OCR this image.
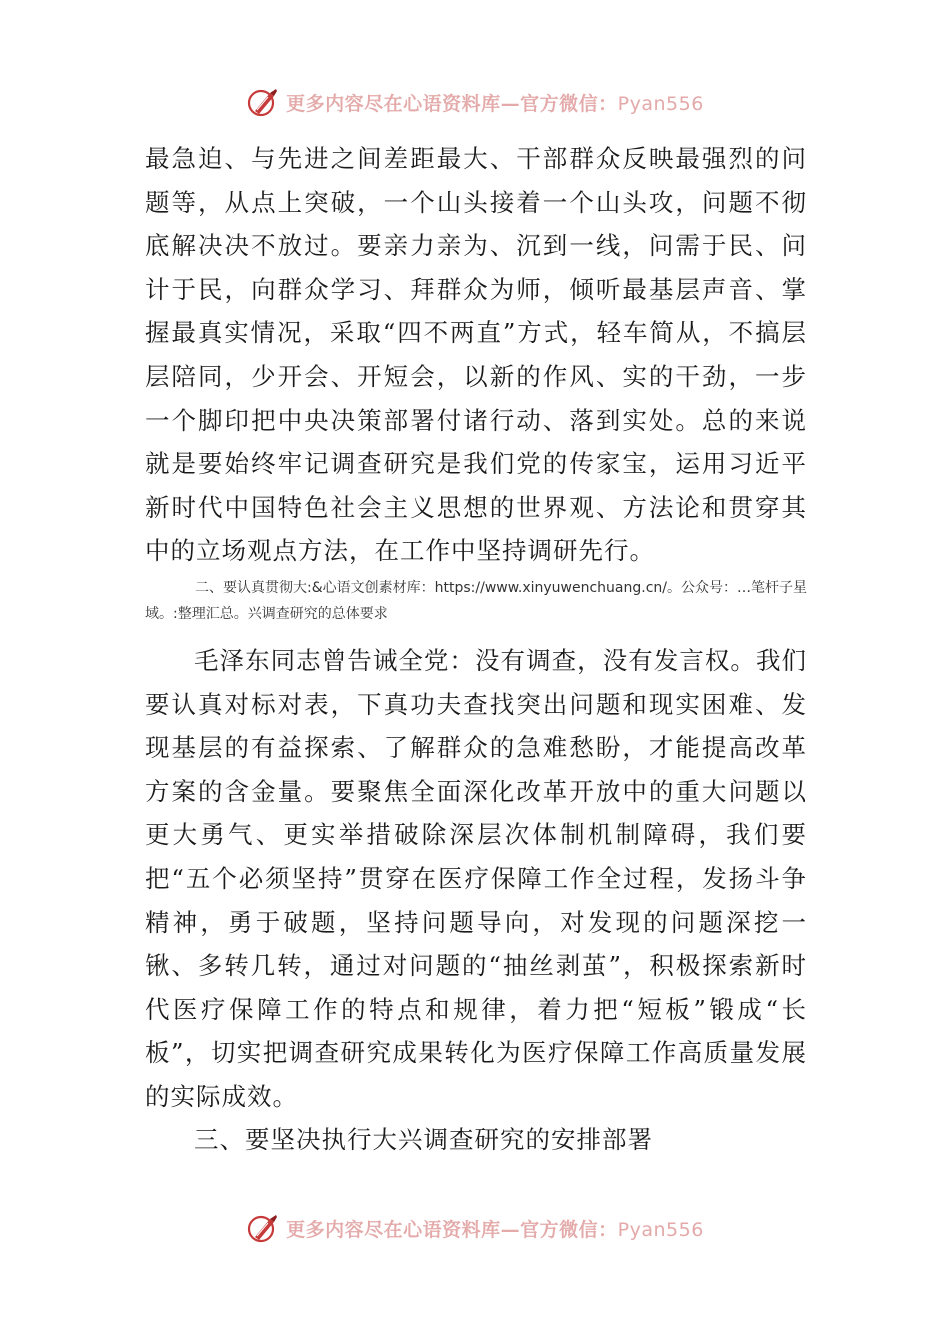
更多内容尽在心语资料库—官方微信：Pyan556

最急迫、与先进之间差距最大、干部群众反映最强烈的问题等，从点上突破，一个山头接着一个山头攻，问题不彻底解决决不放过。要亲力亲为、沉到一线，问需于民、问计于民，向群众学习、拜群众为师，倾听最基层声音、掌握最真实情况，采取“四不两直”方式，轻车简从，不搞层层陪同，少开会、开短会，以新的作风、实的干劲，一步一个脚印把中央决策部署付诸行动、落到实处。总的来说就是要始终牢记调查研究是我们党的传家宝，运用习近平新时代中国特色社会主义思想的世界观、方法论和贯穿其中的立场观点方法，在工作中坚持调研先行。

二、要认真贯彻大:&心语文创素材库：https://www.xinyuwenchuang.cn/。公众号：…笔杆子星域。:整理汇总。兴调查研究的总体要求

毛泽东同志曾告诫全党：没有调查，没有发言权。我们要认真对标对表，下真功夫查找突出问题和现实困难、发现基层的有益探索、了解群众的急难愁盼，才能提高改革方案的含金量。要聚焦全面深化改革开放中的重大问题以更大勇气、更实举措破除深层次体制机制障碍，我们要把“五个必须坚持”贯穿在医疗保障工作全过程，发扬斗争精神，勇于破题，坚持问题导向，对发现的问题深挖一锹、多转几转，通过对问题的“抽丝剥茧”，积极探索新时代医疗保障工作的特点和规律，着力把“短板”锻成“长板”，切实把调查研究成果转化为医疗保障工作高质量发展的实际成效。

三、要坚决执行大兴调查研究的安排部署

更多内容尽在心语资料库—官方微信：Pyan556
